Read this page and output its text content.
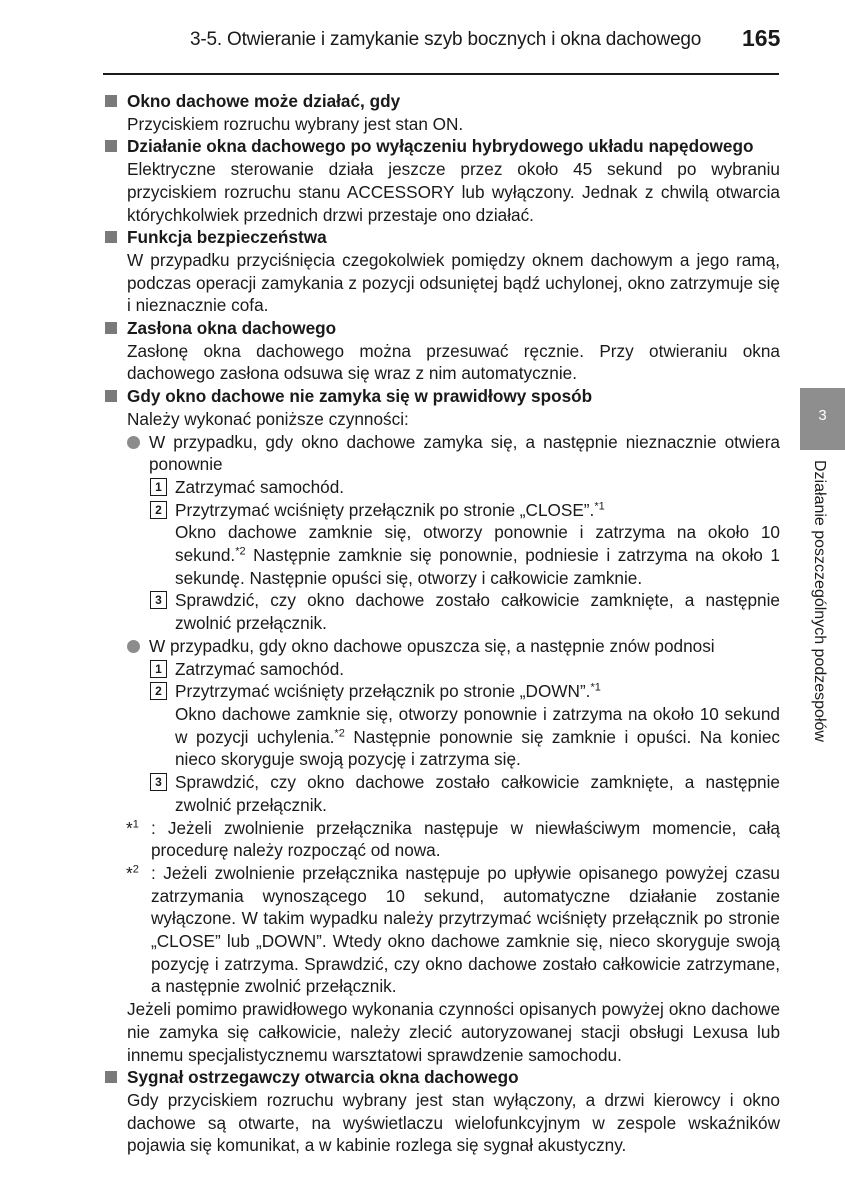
3-5. Otwieranie i zamykanie szyb bocznych i okna dachowego 165
3
Działanie poszczególnych podzespołów

Okno dachowe może działać, gdy

Przyciskiem rozruchu wybrany jest stan ON.

Działanie okna dachowego po wyłączeniu hybrydowego układu napędowego

Elektryczne sterowanie działa jeszcze przez około 45 sekund po wybraniu przyciskiem rozruchu stanu ACCESSORY lub wyłączony. Jednak z chwilą otwarcia którychkolwiek przednich drzwi przestaje ono działać.

Funkcja bezpieczeństwa

W przypadku przyciśnięcia czegokolwiek pomiędzy oknem dachowym a jego ramą, podczas operacji zamykania z pozycji odsuniętej bądź uchylonej, okno zatrzymuje się i nieznacznie cofa.

Zasłona okna dachowego

Zasłonę okna dachowego można przesuwać ręcznie. Przy otwieraniu okna dachowego zasłona odsuwa się wraz z nim automatycznie.

Gdy okno dachowe nie zamyka się w prawidłowy sposób

Należy wykonać poniższe czynności:

W przypadku, gdy okno dachowe zamyka się, a następnie nieznacznie otwiera ponownie

1 Zatrzymać samochód.

2 Przytrzymać wciśnięty przełącznik po stronie „CLOSE”.$^{*1}$

Okno dachowe zamknie się, otworzy ponownie i zatrzyma na około 10 sekund.$^{*2}$ Następnie zamknie się ponownie, podniesie i zatrzyma na około 1 sekundę. Następnie opuści się, otworzy i całkowicie zamknie.

3 Sprawdzić, czy okno dachowe zostało całkowicie zamknięte, a następnie zwolnić przełącznik.

W przypadku, gdy okno dachowe opuszcza się, a następnie znów podnosi

1 Zatrzymać samochód.

2 Przytrzymać wciśnięty przełącznik po stronie „DOWN”.$^{*1}$

Okno dachowe zamknie się, otworzy ponownie i zatrzyma na około 10 sekund w pozycji uchylenia.$^{*2}$ Następnie ponownie się zamknie i opuści. Na koniec nieco skoryguje swoją pozycję i zatrzyma się.

3 Sprawdzić, czy okno dachowe zostało całkowicie zamknięte, a następnie zwolnić przełącznik.

*$^1$ : Jeżeli zwolnienie przełącznika następuje w niewłaściwym momencie, całą procedurę należy rozpocząć od nowa.

*$^2$ : Jeżeli zwolnienie przełącznika następuje po upływie opisanego powyżej czasu zatrzymania wynoszącego 10 sekund, automatyczne działanie zostanie wyłączone. W takim wypadku należy przytrzymać wciśnięty przełącznik po stronie „CLOSE” lub „DOWN”. Wtedy okno dachowe zamknie się, nieco skoryguje swoją pozycję i zatrzyma. Sprawdzić, czy okno dachowe zostało całkowicie zatrzymane, a następnie zwolnić przełącznik.

Jeżeli pomimo prawidłowego wykonania czynności opisanych powyżej okno dachowe nie zamyka się całkowicie, należy zlecić autoryzowanej stacji obsługi Lexusa lub innemu specjalistycznemu warsztatowi sprawdzenie samochodu.

Sygnał ostrzegawczy otwarcia okna dachowego

Gdy przyciskiem rozruchu wybrany jest stan wyłączony, a drzwi kierowcy i okno dachowe są otwarte, na wyświetlaczu wielofunkcyjnym w zespole wskaźników pojawia się komunikat, a w kabinie rozlega się sygnał akustyczny.
